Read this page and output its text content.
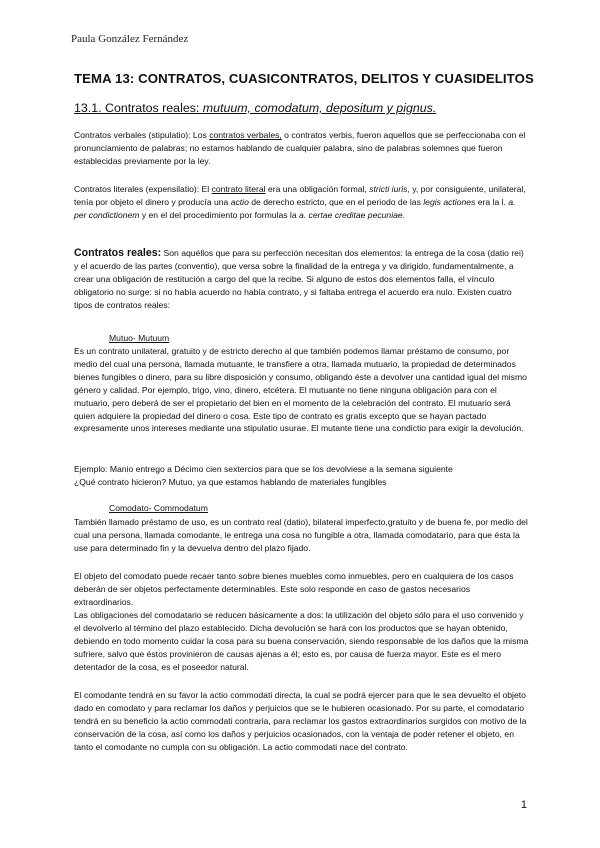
Paula González Fernández
TEMA 13: CONTRATOS, CUASICONTRATOS, DELITOS Y CUASIDELITOS
13.1. Contratos reales: mutuum, comodatum, depositum y pignus.
Contratos verbales (stipulatio): Los contratos verbales, o contratos verbis, fueron aquellos que se perfeccionaba con el pronunciamiento de palabras; no estamos hablando de cualquier palabra, sino de palabras solemnes que fueron establecidas previamente por la ley.
Contratos literales (expensilatio): El contrato literal era una obligación formal, stricti iuris, y, por consiguiente, unilateral, tenía por objeto el dinero y producía una actio de derecho estricto, que en el periodo de las legis actiones era la l. a. per condictionem y en el del procedimiento por formulas la a. certae creditae pecuniae.
Contratos reales: Son aquéllos que para su perfección necesitan dos elementos: la entrega de la cosa (datio rei) y el acuerdo de las partes (conventio), que versa sobre la finalidad de la entrega y va dirigido, fundamentalmente, a crear una obligación de restitución a cargo del que la recibe. Si alguno de estos dos elementos falla, el vínculo obligatorio no surge: si no había acuerdo no había contrato, y si faltaba entrega el acuerdo era nulo. Existen cuatro tipos de contratos reales:
Mutuo- Mutuum
Es un contrato unilateral, gratuito y de estricto derecho al que también podemos llamar préstamo de consumo, por medio del cual una persona, llamada mutuante, le transfiere a otra, llamada mutuario, la propiedad de determinados bienes fungibles o dinero, para su libre disposición y consumo, obligando éste a devolver una cantidad igual del mismo género y calidad. Por ejemplo, trigo, vino, dinero, etcétera. El mutuante no tiene ninguna obligación para con el mutuario, pero deberá de ser el propietario del bien en el momento de la celebración del contrato. El mutuario será quien adquiere la propiedad del dinero o cosa. Este tipo de contrato es gratis excepto que se hayan pactado expresamente unos intereses mediante una stipulatio usurae. El mutante tiene una condictio para exigir la devolución.
Ejemplo: Manio entrego a Décimo cien sextercios para que se los devolviese a la semana siguiente
¿Qué contrato hicieron? Mutuo, ya que estamos hablando de materiales fungibles
Comodato- Commodatum
También llamado préstamo de uso, es un contrato real (datio), bilateral imperfecto,gratuito y de buena fe, por medio del cual una persona, llamada comodante, le entrega una cosa no fungible a otra, llamada comodatario, para que ésta la use para determinado fin y la devuelva dentro del plazo fijado.
El objeto del comodato puede recaer tanto sobre bienes muebles como inmuebles, pero en cualquiera de los casos deberán de ser objetos perfectamente determinables. Este solo responde en caso de gastos necesarios extraordinarios.
Las obligaciones del comodatario se reducen básicamente a dos: la utilización del objeto sólo para el uso convenido y el devolverlo al término del plazo establecido. Dicha devolución se hará con los productos que se hayan obtenido, debiendo en todo momento cuidar la cosa para su buena conservación, siendo responsable de los daños que la misma sufriere, salvo que éstos provinieron de causas ajenas a él; esto es, por causa de fuerza mayor. Este es el mero detentador de la cosa, es el poseedor natural.
El comodante tendrá en su favor la actio commodati directa, la cual se podrá ejercer para que le sea devuelto el objeto dado en comodato y para reclamar los daños y perjuicios que se le hubieren ocasionado. Por su parte, el comodatario tendrá en su beneficio la actio commodati contraria, para reclamar los gastos extraordinarios surgidos con motivo de la conservación de la cosa, así como los daños y perjuicios ocasionados, con la ventaja de poder retener el objeto, en tanto el comodante no cumpla con su obligación. La actio commodati nace del contrato.
1
